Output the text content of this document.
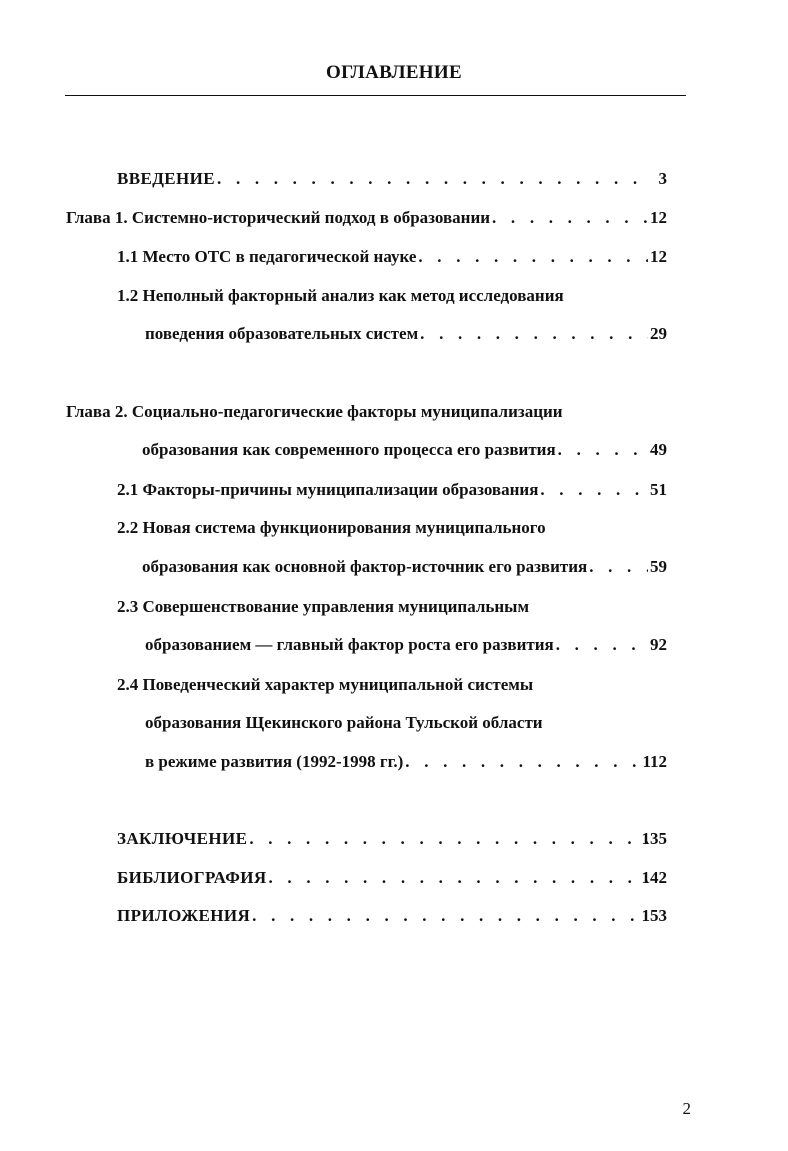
ОГЛАВЛЕНИЕ
ВВЕДЕНИЕ . . .	3
Глава 1. Системно-исторический подход в образовании . . .	12
1.1 Место ОТС в педагогической науке . . .	12
1.2 Неполный факторный анализ как метод исследования
поведения образовательных систем . . .	29
Глава 2. Социально-педагогические факторы муниципализации
образования как современного процесса его развития . . .	49
2.1 Факторы-причины муниципализации образования . . .	51
2.2 Новая система функционирования муниципального
образования как основной фактор-источник его развития . . .	59
2.3 Совершенствование управления муниципальным
образованием — главный фактор роста его развития . . .	92
2.4 Поведенческий характер муниципальной системы
образования Щекинского района Тульской области
в режиме развития (1992-1998 гг.) . . .	112
ЗАКЛЮЧЕНИЕ . . .	135
БИБЛИОГРАФИЯ . . .	142
ПРИЛОЖЕНИЯ . . .	153
2
